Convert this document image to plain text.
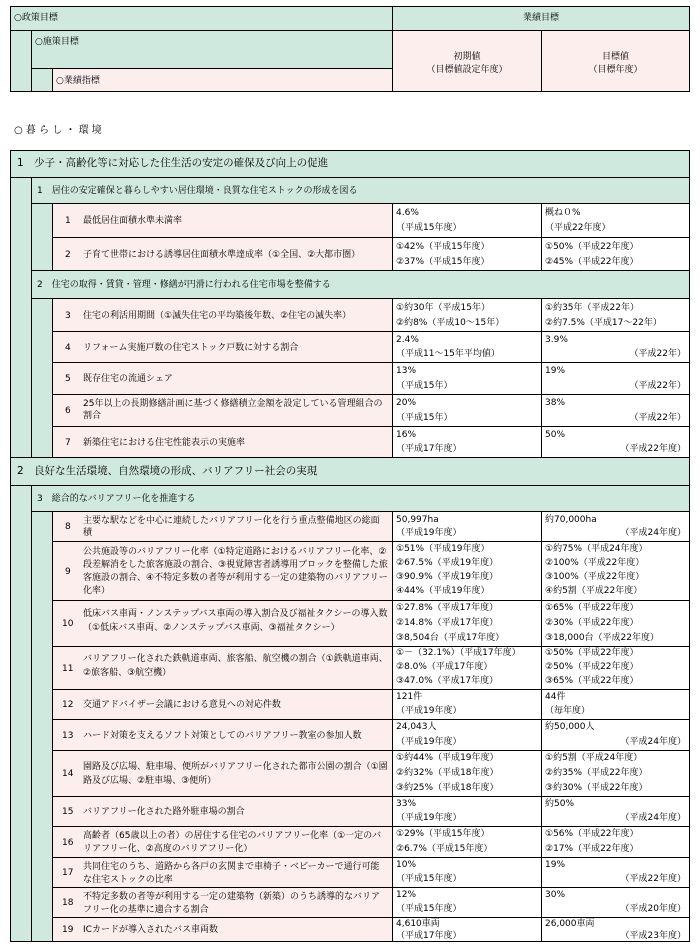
○政策目標	業績目標
○施策目標
○業績指標
初期値
（目標値設定年度）
目標値
（目標年度）
○ 暮 ら し ・ 環 境
1　少子・高齢化等に対応した住生活の安定の確保及び向上の促進
1　居住の安定確保と暮らしやすい居住環境・良質な住宅ストックの形成を図る
1 最低居住面積水準未満率
4.6%
（平成15年度）
概ね０%
（平成22年度）
2 子育て世帯における誘導居住面積水準達成率（①全国、②大都市圏）
①42%（平成15年度）
②37%（平成15年度）
①50%（平成22年度）
②45%（平成22年度）
2　住宅の取得・賃貸・管理・修繕が円滑に行われる住宅市場を整備する
3 住宅の利活用期間（①滅失住宅の平均築後年数、②住宅の滅失率）
①約30年（平成15年）
②約8%（平成10～15年）
①約35年（平成22年）
②約7.5%（平成17～22年）
4 リフォーム実施戸数の住宅ストック戸数に対する割合
2.4%
（平成11～15年平均値）
3.9%
（平成22年）
5 既存住宅の流通シェア
13%
（平成15年）
19%
（平成22年）
6
25年以上の長期修繕計画に基づく修繕積立金額を設定している管理組合の割合
20%
（平成15年）
38%
（平成22年）
7 新築住宅における住宅性能表示の実施率
16%
（平成17年度）
50%
（平成22年度）
2　良好な生活環境、自然環境の形成、バリアフリー社会の実現
3　総合的なバリアフリー化を推進する
8
主要な駅などを中心に連続したバリアフリー化を行う重点整備地区の総面積
50,997ha
（平成19年度）
約70,000ha
（平成24年度）
9
公共施設等のバリアフリー化率（①特定道路におけるバリアフリー化率、②段差解消をした旅客施設の割合、③視覚障害者誘導用ブロックを整備した旅客施設の割合、④不特定多数の者等が利用する一定の建築物のバリアフリー化率）
①51%（平成19年度）
②67.5%（平成19年度）
③90.9%（平成19年度）
④44%（平成19年度）
①約75%（平成24年度）
②100%（平成22年度）
③100%（平成22年度）
④約5割（平成22年度）
10
低床バス車両・ノンステップバス車両の導入割合及び福祉タクシーの導入数（①低床バス車両、②ノンステップバス車両、③福祉タクシー）
①27.8%（平成17年度）
②14.8%（平成17年度）
③8,504台（平成17年度）
①65%（平成22年度）
②30%（平成22年度）
③18,000台（平成22年度）
11
バリアフリー化された鉄軌道車両、旅客船、航空機の割合（①鉄軌道車両、②旅客船、③航空機）
①－（32.1%）（平成17年度）
②8.0%（平成17年度）
③47.0%（平成17年度）
①50%（平成22年度）
②50%（平成22年度）
③65%（平成22年度）
12 交通アドバイザー会議における意見への対応件数
121件
（平成19年度）
44件
（毎年度）
13 ハード対策を支えるソフト対策としてのバリアフリー教室の参加人数
24,043人
（平成19年度）
約50,000人
（平成24年度）
14
園路及び広場、駐車場、便所がバリアフリー化された都市公園の割合（①園路及び広場、②駐車場、③便所）
①約44%（平成19年度）
②約32%（平成18年度）
③約25%（平成18年度）
①約5割（平成24年度）
②約35%（平成22年度）
③約30%（平成22年度）
15 バリアフリー化された路外駐車場の割合
33%
（平成19年度）
約50%
（平成24年度）
16
高齢者（65歳以上の者）の居住する住宅のバリアフリー化率（①一定のバリアフリー化、②高度のバリアフリー化）
①29%（平成15年度）
②6.7%（平成15年度）
①56%（平成22年度）
②17%（平成22年度）
17
共同住宅のうち、道路から各戸の玄関まで車椅子・ベビーカーで通行可能な住宅ストックの比率
10%
（平成15年度）
19%
（平成22年度）
18
不特定多数の者等が利用する一定の建築物（新築）のうち誘導的なバリアフリー化の基準に適合する割合
12%
（平成15年度）
30%
（平成20年度）
19 ICカードが導入されたバス車両数
4,610車両
（平成17年度）
26,000車両
（平成23年度）
